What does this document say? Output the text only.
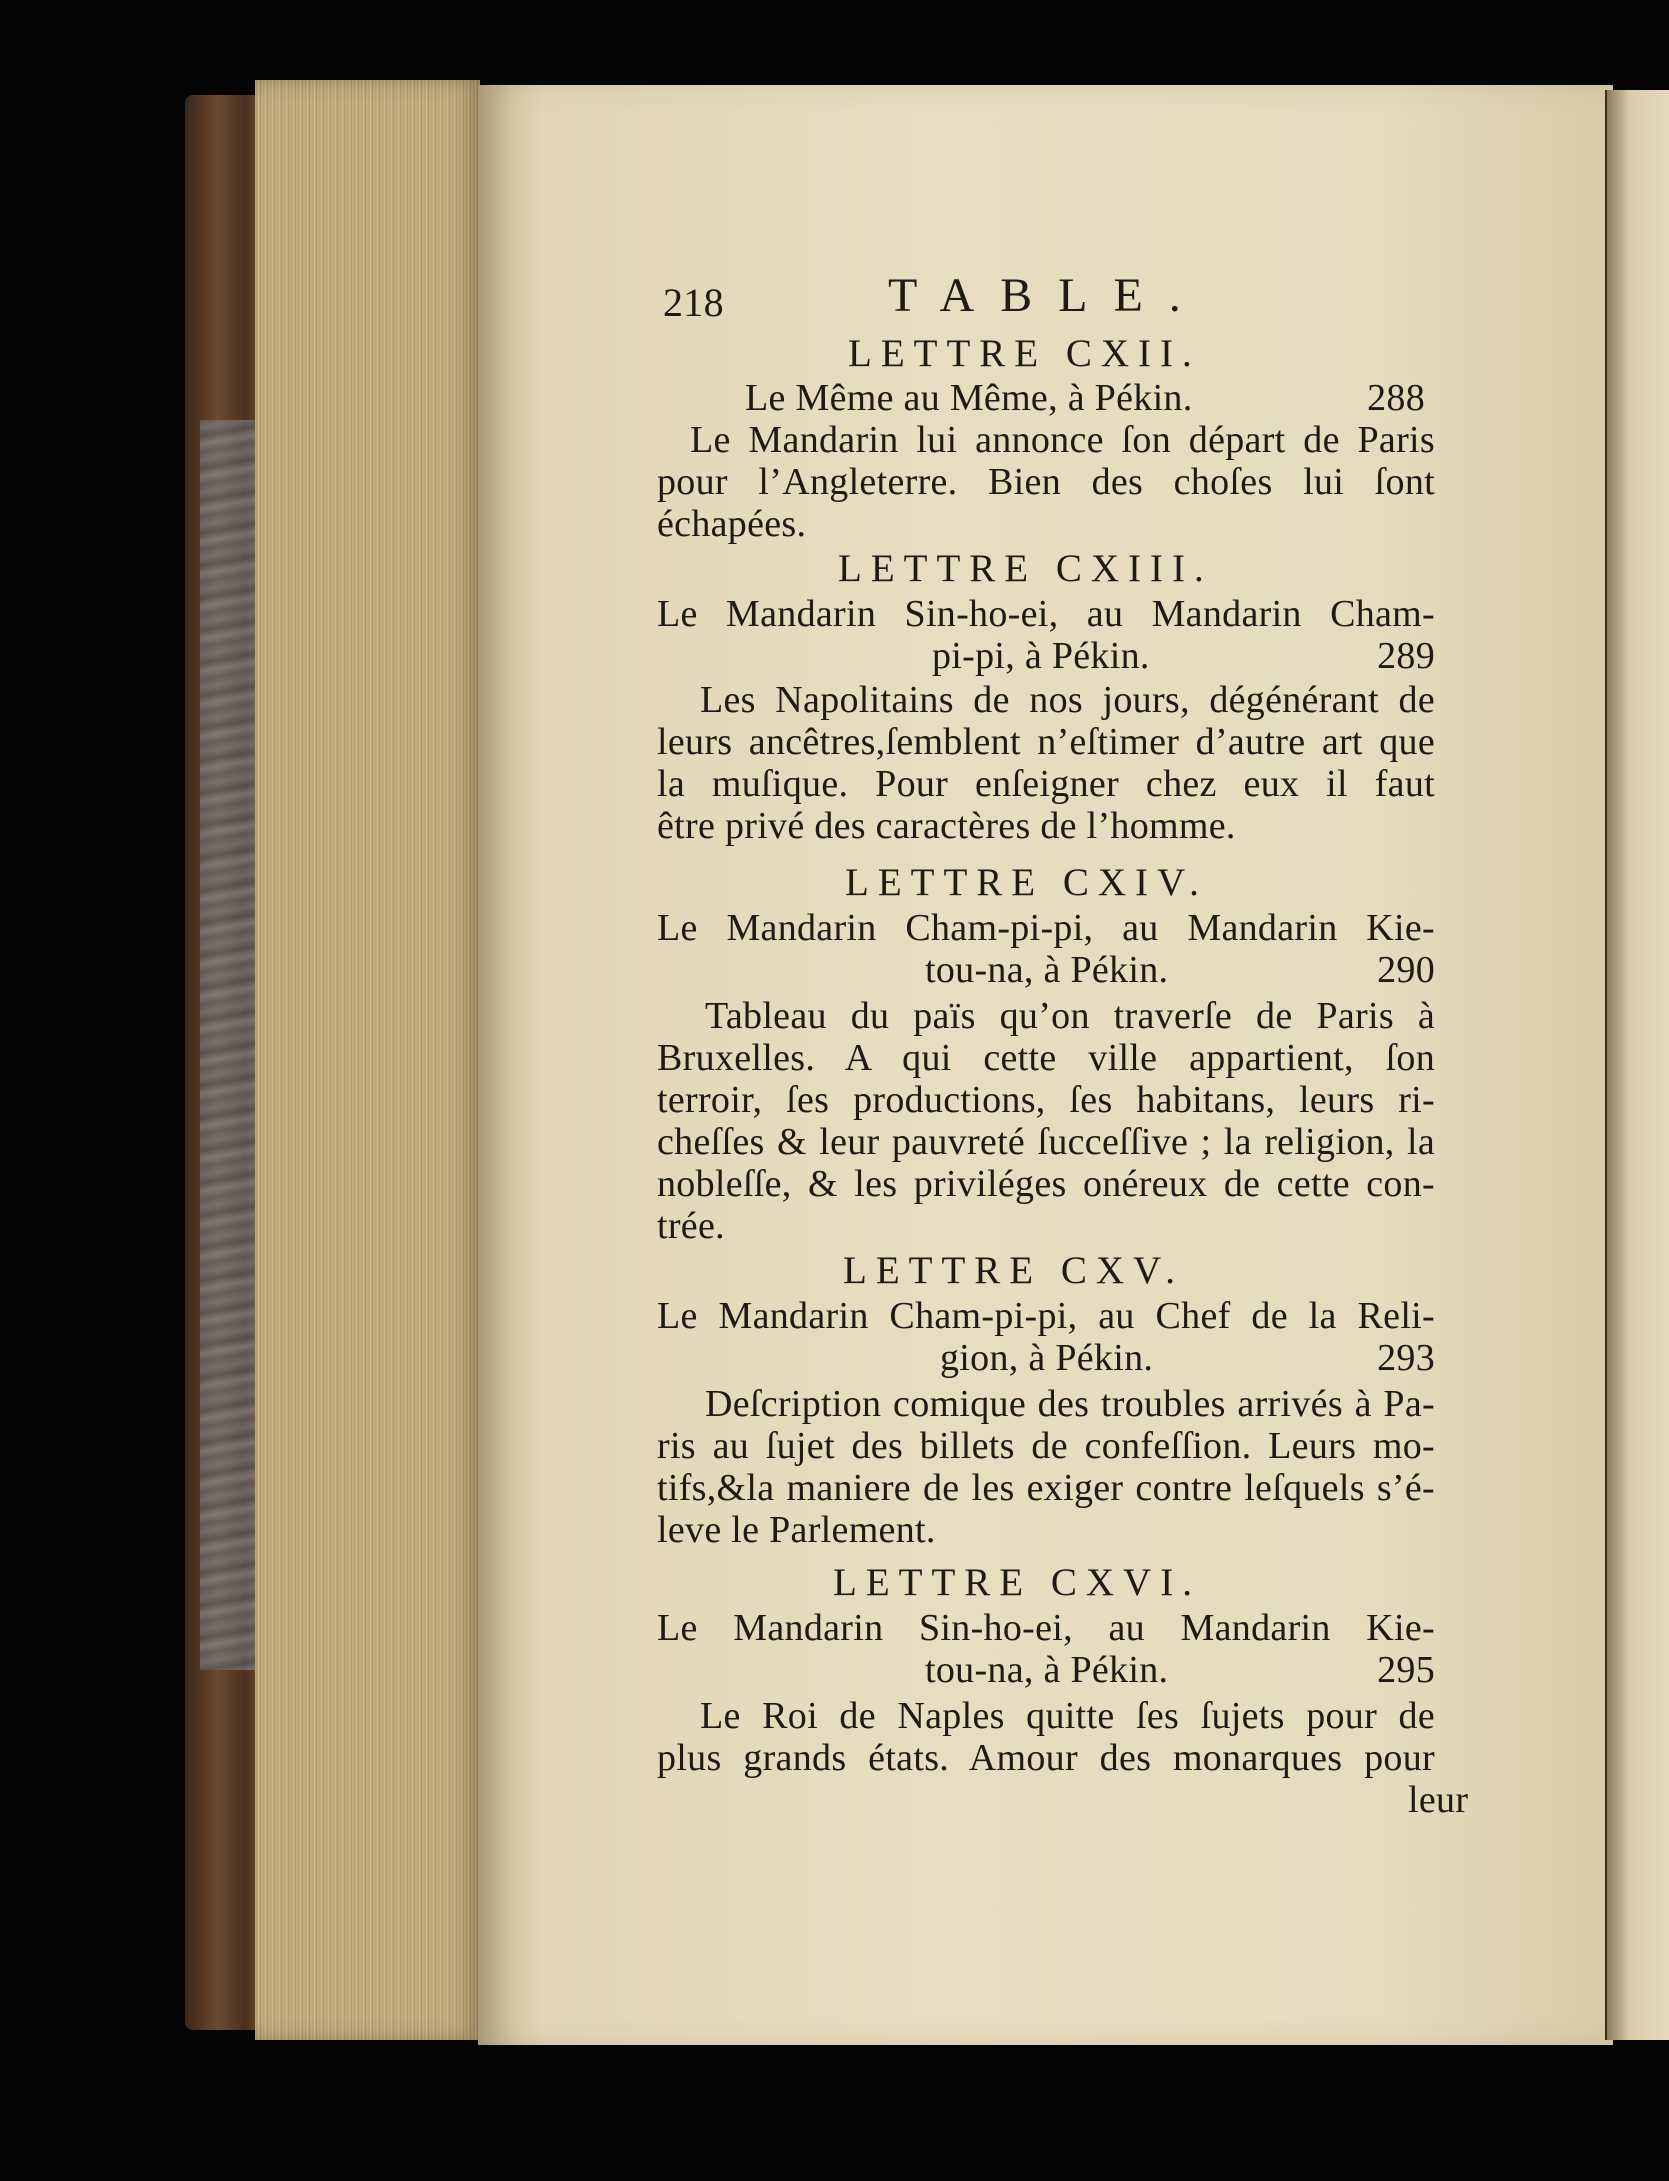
218	TABLE.
LETTRE CXII.
Le Même au Même, à Pékin.	288
Le Mandarin lui annonce ſon départ de Paris
pour l’Angleterre. Bien des choſes lui ſont
échapées.
LETTRE CXIII.
Le Mandarin Sin-ho-ei, au Mandarin Cham-
pi-pi, à Pékin.	289
Les Napolitains de nos jours, dégénérant de
leurs ancêtres,ſemblent n’eſtimer d’autre art que
la muſique. Pour enſeigner chez eux il faut
être privé des caractères de l’homme.
LETTRE CXIV.
Le Mandarin Cham-pi-pi, au Mandarin Kie-
tou-na, à Pékin.	290
Tableau du païs qu’on traverſe de Paris à
Bruxelles. A qui cette ville appartient, ſon
terroir, ſes productions, ſes habitans, leurs ri-
cheſſes & leur pauvreté ſucceſſive ; la religion, la
nobleſſe, & les priviléges onéreux de cette con-
trée.
LETTRE CXV.
Le Mandarin Cham-pi-pi, au Chef de la Reli-
gion, à Pékin.	293
Deſcription comique des troubles arrivés à Pa-
ris au ſujet des billets de confeſſion. Leurs mo-
tifs,&la maniere de les exiger contre leſquels s’é-
leve le Parlement.
LETTRE CXVI.
Le Mandarin Sin-ho-ei, au Mandarin Kie-
tou-na, à Pékin.	295
Le Roi de Naples quitte ſes ſujets pour de
plus grands états. Amour des monarques pour
leur
